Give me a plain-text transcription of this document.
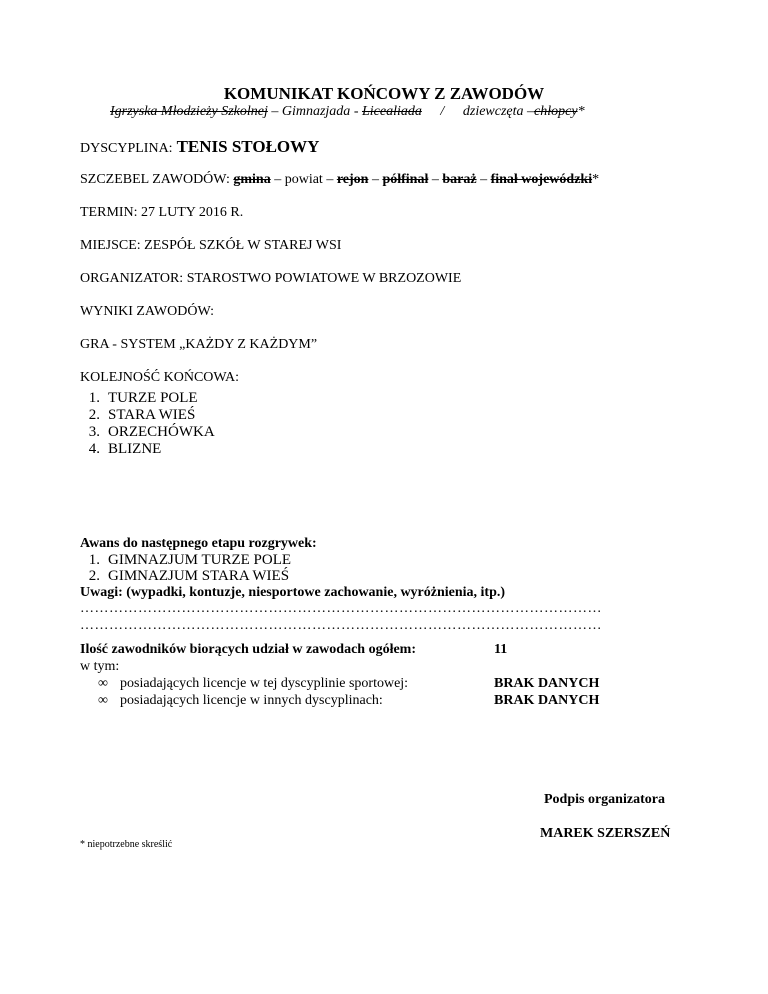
KOMUNIKAT KOŃCOWY Z ZAWODÓW
Igrzyska Młodzieży Szkolnej – Gimnazjada - Licealiada / dziewczęta –chłopcy*
DYSCYPLINA: TENIS STOŁOWY
SZCZEBEL ZAWODÓW: gmina – powiat – rejon – półfinał – baraż – finał wojewódzki*
TERMIN: 27 LUTY 2016 R.
MIEJSCE: ZESPÓŁ SZKÓŁ W STAREJ WSI
ORGANIZATOR: STAROSTWO POWIATOWE W BRZOZOWIE
WYNIKI ZAWODÓW:
GRA - SYSTEM „KAŻDY Z KAŻDYM”
KOLEJNOŚĆ KOŃCOWA:
1. TURZE POLE
2. STARA WIEŚ
3. ORZECHÓWKA
4. BLIZNE
Awans do następnego etapu rozgrywek:
1. GIMNAZJUM TURZE POLE
2. GIMNAZJUM STARA WIEŚ
Uwagi: (wypadki, kontuzje, niesportowe zachowanie, wyróżnienia, itp.)
………………………………………………………………………………………………
………………………………………………………………………………………………
Ilość zawodników biorących udział w zawodach ogółem:	11
w tym:
∞ posiadających licencje w tej dyscyplinie sportowej:	BRAK DANYCH
∞ posiadających licencje w innych dyscyplinach:	BRAK DANYCH
Podpis organizatora
MAREK SZERSZEŃ
* niepotrzebne skreślić
